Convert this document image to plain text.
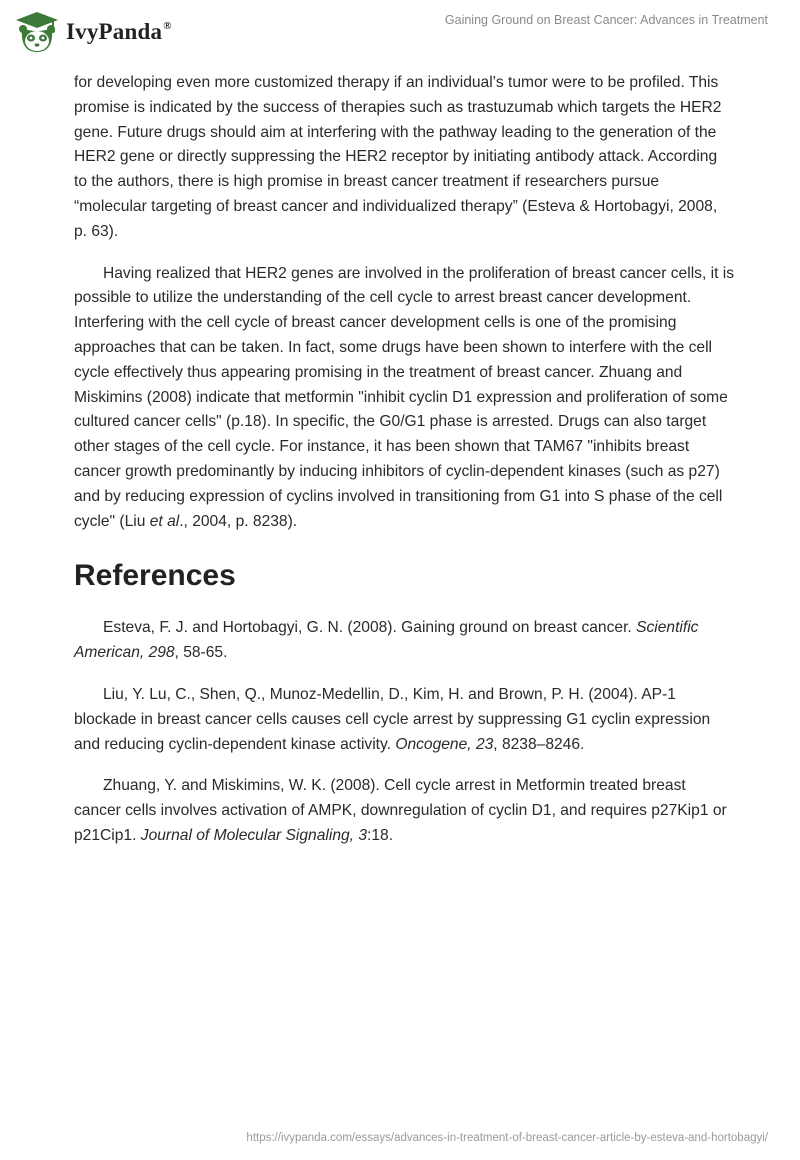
IvyPanda®	Gaining Ground on Breast Cancer: Advances in Treatment

for developing even more customized therapy if an individual’s tumor were to be profiled. This promise is indicated by the success of therapies such as trastuzumab which targets the HER2 gene. Future drugs should aim at interfering with the pathway leading to the generation of the HER2 gene or directly suppressing the HER2 receptor by initiating antibody attack. According to the authors, there is high promise in breast cancer treatment if researchers pursue “molecular targeting of breast cancer and individualized therapy” (Esteva & Hortobagyi, 2008, p. 63).

Having realized that HER2 genes are involved in the proliferation of breast cancer cells, it is possible to utilize the understanding of the cell cycle to arrest breast cancer development. Interfering with the cell cycle of breast cancer development cells is one of the promising approaches that can be taken. In fact, some drugs have been shown to interfere with the cell cycle effectively thus appearing promising in the treatment of breast cancer. Zhuang and Miskimins (2008) indicate that metformin "inhibit cyclin D1 expression and proliferation of some cultured cancer cells" (p.18). In specific, the G0/G1 phase is arrested. Drugs can also target other stages of the cell cycle. For instance, it has been shown that TAM67 "inhibits breast cancer growth predominantly by inducing inhibitors of cyclin-dependent kinases (such as p27) and by reducing expression of cyclins involved in transitioning from G1 into S phase of the cell cycle" (Liu et al., 2004, p. 8238).

References

Esteva, F. J. and Hortobagyi, G. N. (2008). Gaining ground on breast cancer. Scientific American, 298, 58-65.

Liu, Y. Lu, C., Shen, Q., Munoz-Medellin, D., Kim, H. and Brown, P. H. (2004). AP-1 blockade in breast cancer cells causes cell cycle arrest by suppressing G1 cyclin expression and reducing cyclin-dependent kinase activity. Oncogene, 23, 8238–8246.

Zhuang, Y. and Miskimins, W. K. (2008). Cell cycle arrest in Metformin treated breast cancer cells involves activation of AMPK, downregulation of cyclin D1, and requires p27Kip1 or p21Cip1. Journal of Molecular Signaling, 3:18.

https://ivypanda.com/essays/advances-in-treatment-of-breast-cancer-article-by-esteva-and-hortobagyi/
